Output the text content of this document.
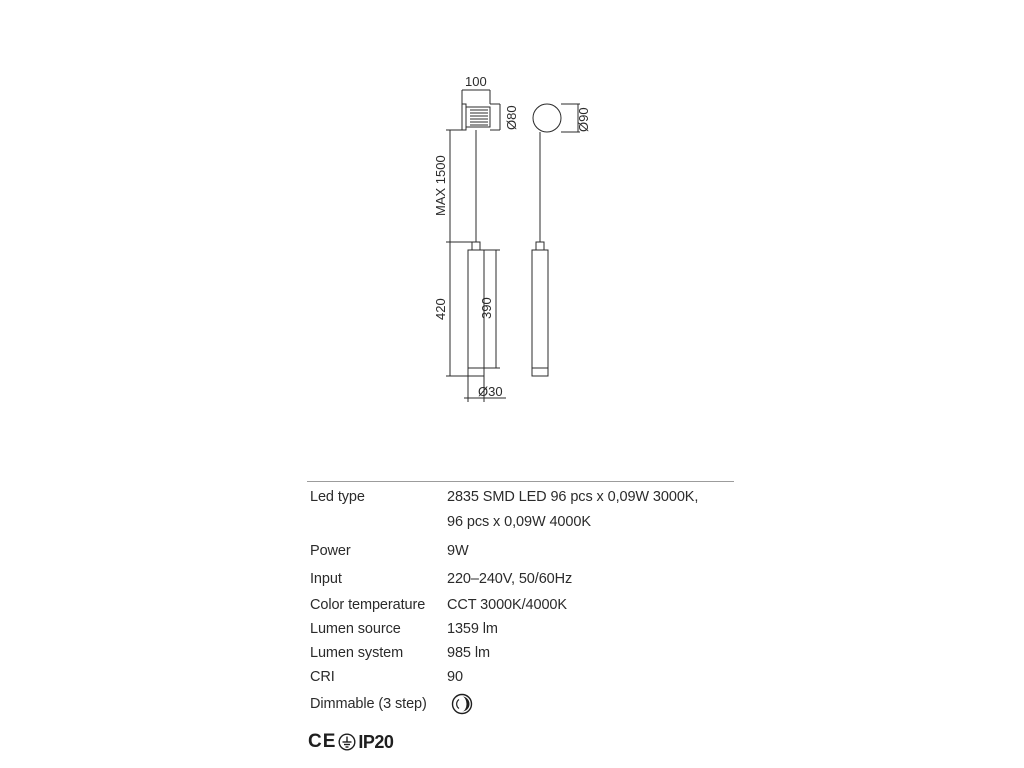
100
Ø80	Ø90
MAX 1500
420 390
Ø30
Led type	2835 SMD LED 96 pcs x 0,09W 3000K,
96 pcs x 0,09W 4000K

Power	9W
Input	220–240V, 50/60Hz
Color temperature	CCT 3000K/4000K
Lumen source	1359 lm
Lumen system	985 lm
CRI	90
Dimmable (3 step)	
CE IP20
